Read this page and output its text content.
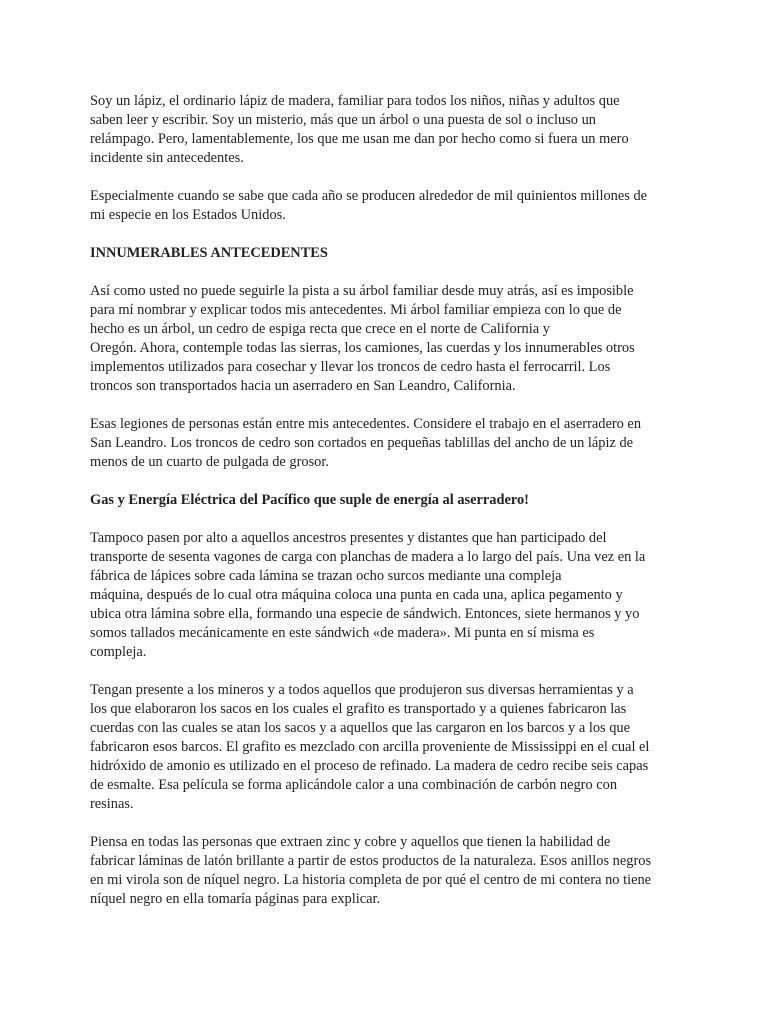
Soy un lápiz, el ordinario lápiz de madera, familiar para todos los niños, niñas y adultos que
saben leer y escribir. Soy un misterio, más que un árbol o una puesta de sol o incluso un
relámpago. Pero, lamentablemente, los que me usan me dan por hecho como si fuera un mero
incidente sin antecedentes.

Especialmente cuando se sabe que cada año se producen alrededor de mil quinientos millones de
mi especie en los Estados Unidos.

INNUMERABLES ANTECEDENTES

Así como usted no puede seguirle la pista a su árbol familiar desde muy atrás, así es imposible
para mí nombrar y explicar todos mis antecedentes. Mi árbol familiar empieza con lo que de
hecho es un árbol, un cedro de espiga recta que crece en el norte de California y
Oregón. Ahora, contemple todas las sierras, los camiones, las cuerdas y los innumerables otros
implementos utilizados para cosechar y llevar los troncos de cedro hasta el ferrocarril. Los
troncos son transportados hacia un aserradero en San Leandro, California.

Esas legiones de personas están entre mis antecedentes. Considere el trabajo en el aserradero en
San Leandro. Los troncos de cedro son cortados en pequeñas tablillas del ancho de un lápiz de
menos de un cuarto de pulgada de grosor.

Gas y Energía Eléctrica del Pacífico que suple de energía al aserradero!

Tampoco pasen por alto a aquellos ancestros presentes y distantes que han participado del
transporte de sesenta vagones de carga con planchas de madera a lo largo del país. Una vez en la
fábrica de lápices sobre cada lámina se trazan ocho surcos mediante una compleja
máquina, después de lo cual otra máquina coloca una punta en cada una, aplica pegamento y
ubica otra lámina sobre ella, formando una especie de sándwich. Entonces, siete hermanos y yo
somos tallados mecánicamente en este sándwich «de madera». Mi punta en sí misma es
compleja.

Tengan presente a los mineros y a todos aquellos que produjeron sus diversas herramientas y a
los que elaboraron los sacos en los cuales el grafito es transportado y a quienes fabricaron las
cuerdas con las cuales se atan los sacos y a aquellos que las cargaron en los barcos y a los que
fabricaron esos barcos. El grafito es mezclado con arcilla proveniente de Mississippi en el cual el
hidróxido de amonio es utilizado en el proceso de refinado. La madera de cedro recibe seis capas
de esmalte. Esa película se forma aplicándole calor a una combinación de carbón negro con
resinas.

Piensa en todas las personas que extraen zinc y cobre y aquellos que tienen la habilidad de
fabricar láminas de latón brillante a partir de estos productos de la naturaleza. Esos anillos negros
en mi virola son de níquel negro. La historia completa de por qué el centro de mi contera no tiene
níquel negro en ella tomaría páginas para explicar.
